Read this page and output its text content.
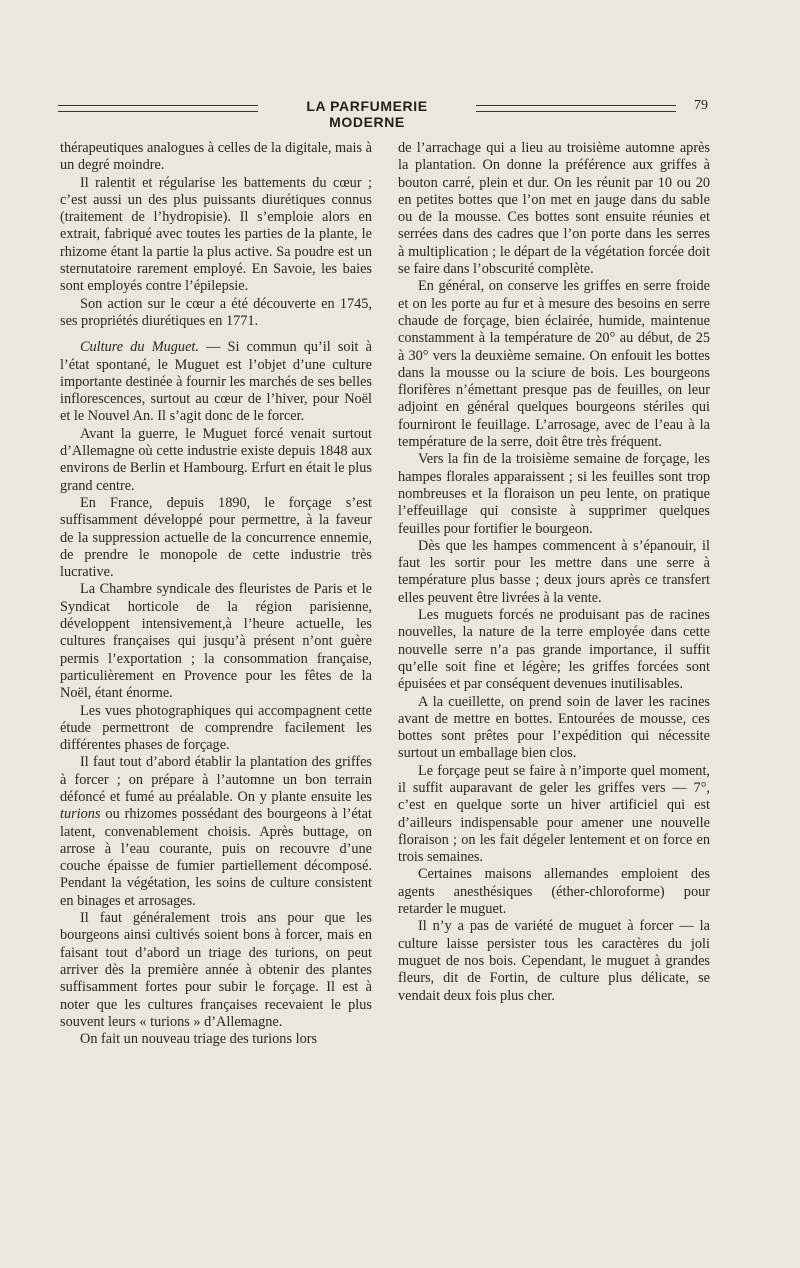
LA PARFUMERIE MODERNE
79

thérapeutiques analogues à celles de la digitale, mais à un degré moindre.

Il ralentit et régularise les battements du cœur ; c’est aussi un des plus puissants diurétiques connus (traitement de l’hydropisie). Il s’emploie alors en extrait, fabriqué avec toutes les parties de la plante, le rhizome étant la partie la plus active. Sa poudre est un sternutatoire rarement employé. En Savoie, les baies sont employés contre l’épilepsie.

Son action sur le cœur a été découverte en 1745, ses propriétés diurétiques en 1771.

Culture du Muguet. — Si commun qu’il soit à l’état spontané, le Muguet est l’objet d’une culture importante destinée à fournir les marchés de ses belles inflorescences, surtout au cœur de l’hiver, pour Noël et le Nouvel An. Il s’agit donc de le forcer.

Avant la guerre, le Muguet forcé venait surtout d’Allemagne où cette industrie existe depuis 1848 aux environs de Berlin et Hambourg. Erfurt en était le plus grand centre.

En France, depuis 1890, le forçage s’est suffisamment développé pour permettre, à la faveur de la suppression actuelle de la concurrence ennemie, de prendre le monopole de cette industrie très lucrative.

La Chambre syndicale des fleuristes de Paris et le Syndicat horticole de la région parisienne, développent intensivement,à l’heure actuelle, les cultures françaises qui jusqu’à présent n’ont guère permis l’exportation ; la consommation française, particulièrement en Provence pour les fêtes de la Noël, étant énorme.

Les vues photographiques qui accompagnent cette étude permettront de comprendre facilement les différentes phases de forçage.

Il faut tout d’abord établir la plantation des griffes à forcer ; on prépare à l’automne un bon terrain défoncé et fumé au préalable. On y plante ensuite les turions ou rhizomes possédant des bourgeons à l’état latent, convenablement choisis. Après buttage, on arrose à l’eau courante, puis on recouvre d’une couche épaisse de fumier partiellement décomposé. Pendant la végétation, les soins de culture consistent en binages et arrosages.

Il faut généralement trois ans pour que les bourgeons ainsi cultivés soient bons à forcer, mais en faisant tout d’abord un triage des turions, on peut arriver dès la première année à obtenir des plantes suffisamment fortes pour subir le forçage. Il est à noter que les cultures françaises recevaient le plus souvent leurs « turions » d’Allemagne.

On fait un nouveau triage des turions lors

de l’arrachage qui a lieu au troisième automne après la plantation. On donne la préférence aux griffes à bouton carré, plein et dur. On les réunit par 10 ou 20 en petites bottes que l’on met en jauge dans du sable ou de la mousse. Ces bottes sont ensuite réunies et serrées dans des cadres que l’on porte dans les serres à multiplication ; le départ de la végétation forcée doit se faire dans l’obscurité complète.

En général, on conserve les griffes en serre froide et on les porte au fur et à mesure des besoins en serre chaude de forçage, bien éclairée, humide, maintenue constamment à la température de 20° au début, de 25 à 30° vers la deuxième semaine. On enfouit les bottes dans la mousse ou la sciure de bois. Les bourgeons florifères n’émettant presque pas de feuilles, on leur adjoint en général quelques bourgeons stériles qui fourniront le feuillage. L’arrosage, avec de l’eau à la température de la serre, doit être très fréquent.

Vers la fin de la troisième semaine de forçage, les hampes florales apparaissent ; si les feuilles sont trop nombreuses et la floraison un peu lente, on pratique l’effeuillage qui consiste à supprimer quelques feuilles pour fortifier le bourgeon.

Dès que les hampes commencent à s’épanouir, il faut les sortir pour les mettre dans une serre à température plus basse ; deux jours après ce transfert elles peuvent être livrées à la vente.

Les muguets forcés ne produisant pas de racines nouvelles, la nature de la terre employée dans cette nouvelle serre n’a pas grande importance, il suffit qu’elle soit fine et légère; les griffes forcées sont épuisées et par conséquent devenues inutilisables.

A la cueillette, on prend soin de laver les racines avant de mettre en bottes. Entourées de mousse, ces bottes sont prêtes pour l’expédition qui nécessite surtout un emballage bien clos.

Le forçage peut se faire à n’importe quel moment, il suffit auparavant de geler les griffes vers — 7°, c’est en quelque sorte un hiver artificiel qui est d’ailleurs indispensable pour amener une nouvelle floraison ; on les fait dégeler lentement et on force en trois semaines.

Certaines maisons allemandes emploient des agents anesthésiques (éther-chloroforme) pour retarder le muguet.

Il n’y a pas de variété de muguet à forcer — la culture laisse persister tous les caractères du joli muguet de nos bois. Cependant, le muguet à grandes fleurs, dit de Fortin, de culture plus délicate, se vendait deux fois plus cher.
